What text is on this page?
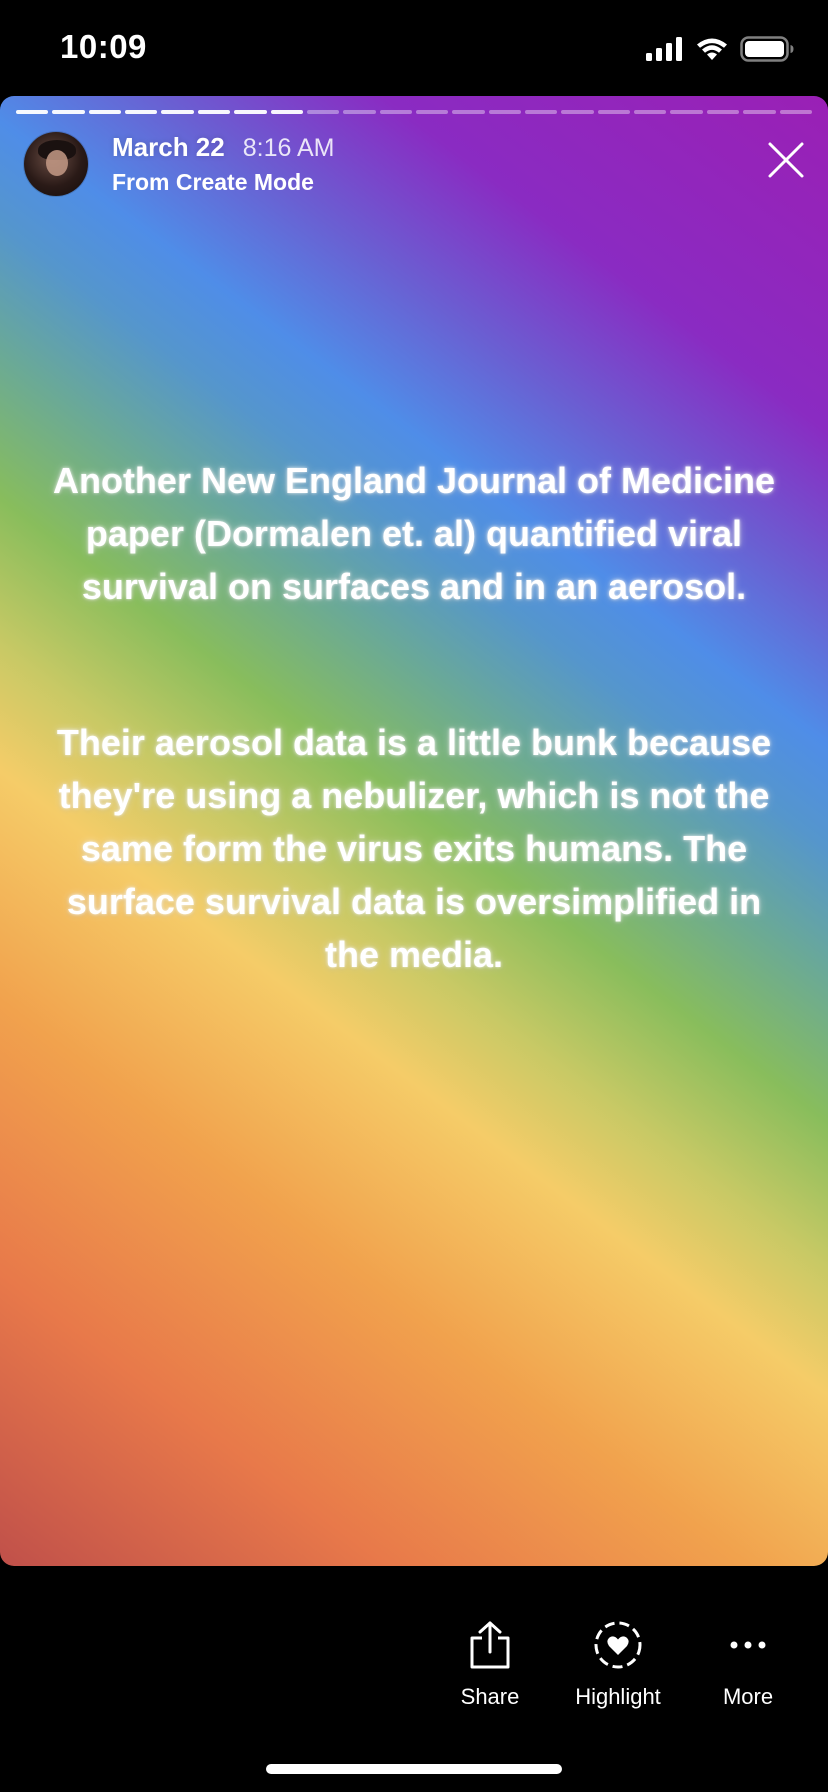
10:09
March 22 8:16 AM
From Create Mode
Another New England Journal of Medicine paper (Dormalen et. al) quantified viral survival on surfaces and in an aerosol.
Their aerosol data is a little bunk because they're using a nebulizer, which is not the same form the virus exits humans. The surface survival data is oversimplified in the media.
Share	Highlight	More
